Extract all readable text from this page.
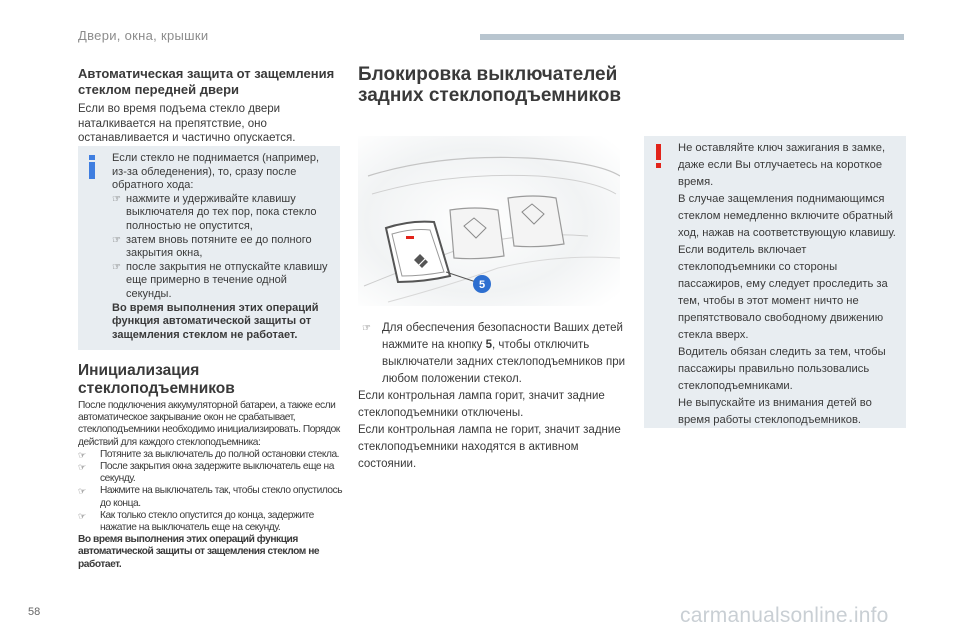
Двери, окна, крышки
Автоматическая защита от защемления стеклом передней двери
Если во время подъема стекло двери наталкивается на препятствие, оно останавливается и частично опускается.
Если стекло не поднимается (например, из-за обледенения), то, сразу после обратного хода:
☞ нажмите и удерживайте клавишу выключателя до тех пор, пока стекло полностью не опустится,
☞ затем вновь потяните ее до полного закрытия окна,
☞ после закрытия не отпускайте клавишу еще примерно в течение одной секунды.
Во время выполнения этих операций функция автоматической защиты от защемления стеклом не работает.
Инициализация стеклоподъемников
После подключения аккумуляторной батареи, а также если автоматическое закрывание окон не срабатывает, стеклоподъемники необходимо инициализировать. Порядок действий для каждого стеклоподъемника:
☞ Потяните за выключатель до полной остановки стекла.
☞ После закрытия окна задержите выключатель еще на секунду.
☞ Нажмите на выключатель так, чтобы стекло опустилось до конца.
☞ Как только стекло опустится до конца, задержите нажатие на выключатель еще на секунду.
Во время выполнения этих операций функция автоматической защиты от защемления стеклом не работает.
Блокировка выключателей задних стеклоподъемников
5
☞ Для обеспечения безопасности Ваших детей нажмите на кнопку 5, чтобы отключить выключатели задних стеклоподъемников при любом положении стекол.
Если контрольная лампа горит, значит задние стеклоподъемники отключены.
Если контрольная лампа не горит, значит задние стеклоподъемники находятся в активном состоянии.
Не оставляйте ключ зажигания в замке, даже если Вы отлучаетесь на короткое время.
В случае защемления поднимающимся стеклом немедленно включите обратный ход, нажав на соответствующую клавишу.
Если водитель включает стеклоподъемники со стороны пассажиров, ему следует проследить за тем, чтобы в этот момент ничто не препятствовало свободному движению стекла вверх.
Водитель обязан следить за тем, чтобы пассажиры правильно пользовались стеклоподъемниками.
Не выпускайте из внимания детей во время работы стеклоподъемников.
58	carmanualsonline.info
